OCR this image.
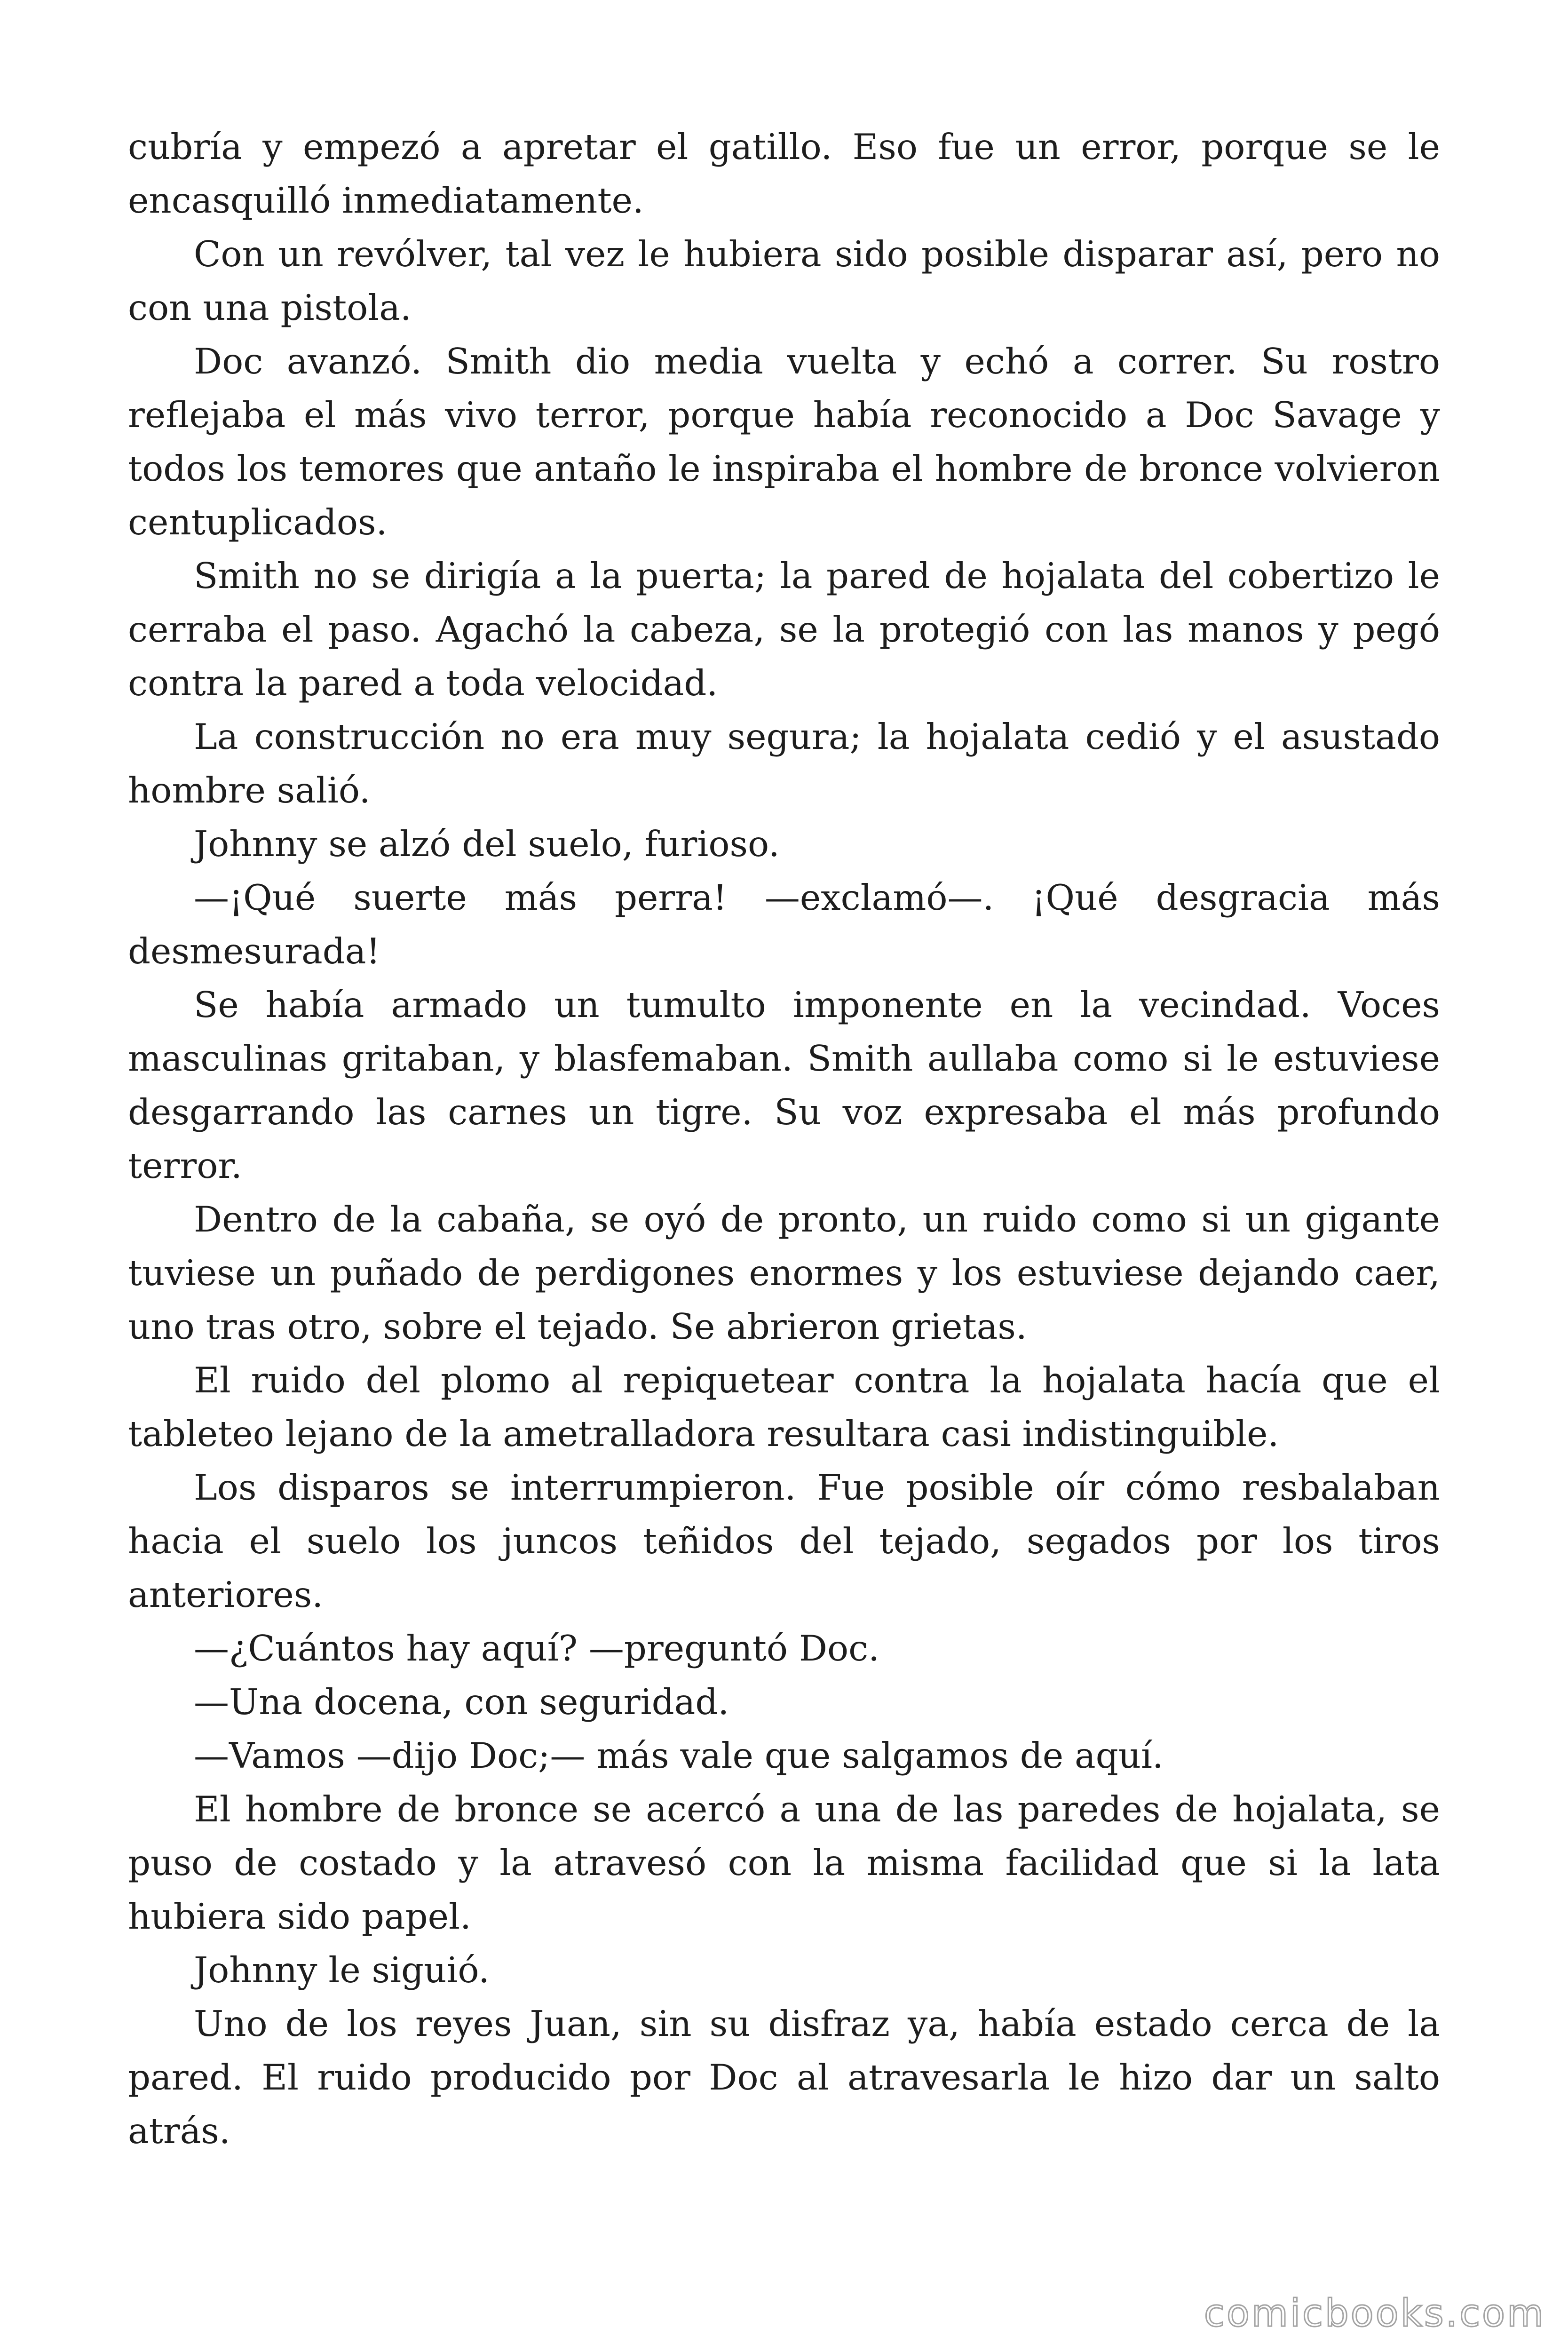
cubría y empezó a apretar el gatillo. Eso fue un error, porque se le encasquilló inmediatamente.

Con un revólver, tal vez le hubiera sido posible disparar así, pero no con una pistola.

Doc avanzó. Smith dio media vuelta y echó a correr. Su rostro reflejaba el más vivo terror, porque había reconocido a Doc Savage y todos los temores que antaño le inspiraba el hombre de bronce volvieron centuplicados.

Smith no se dirigía a la puerta; la pared de hojalata del cobertizo le cerraba el paso. Agachó la cabeza, se la protegió con las manos y pegó contra la pared a toda velocidad.

La construcción no era muy segura; la hojalata cedió y el asustado hombre salió.

Johnny se alzó del suelo, furioso.

—¡Qué suerte más perra! —exclamó—. ¡Qué desgracia más desmesurada!

Se había armado un tumulto imponente en la vecindad. Voces masculinas gritaban, y blasfemaban. Smith aullaba como si le estuviese desgarrando las carnes un tigre. Su voz expresaba el más profundo terror.

Dentro de la cabaña, se oyó de pronto, un ruido como si un gigante tuviese un puñado de perdigones enormes y los estuviese dejando caer, uno tras otro, sobre el tejado. Se abrieron grietas.

El ruido del plomo al repiquetear contra la hojalata hacía que el tableteo lejano de la ametralladora resultara casi indistinguible.

Los disparos se interrumpieron. Fue posible oír cómo resbalaban hacia el suelo los juncos teñidos del tejado, segados por los tiros anteriores.

—¿Cuántos hay aquí? —preguntó Doc.

—Una docena, con seguridad.

—Vamos —dijo Doc;— más vale que salgamos de aquí.

El hombre de bronce se acercó a una de las paredes de hojalata, se puso de costado y la atravesó con la misma facilidad que si la lata hubiera sido papel.

Johnny le siguió.

Uno de los reyes Juan, sin su disfraz ya, había estado cerca de la pared. El ruido producido por Doc al atravesarla le hizo dar un salto atrás.

comicbooks.com
